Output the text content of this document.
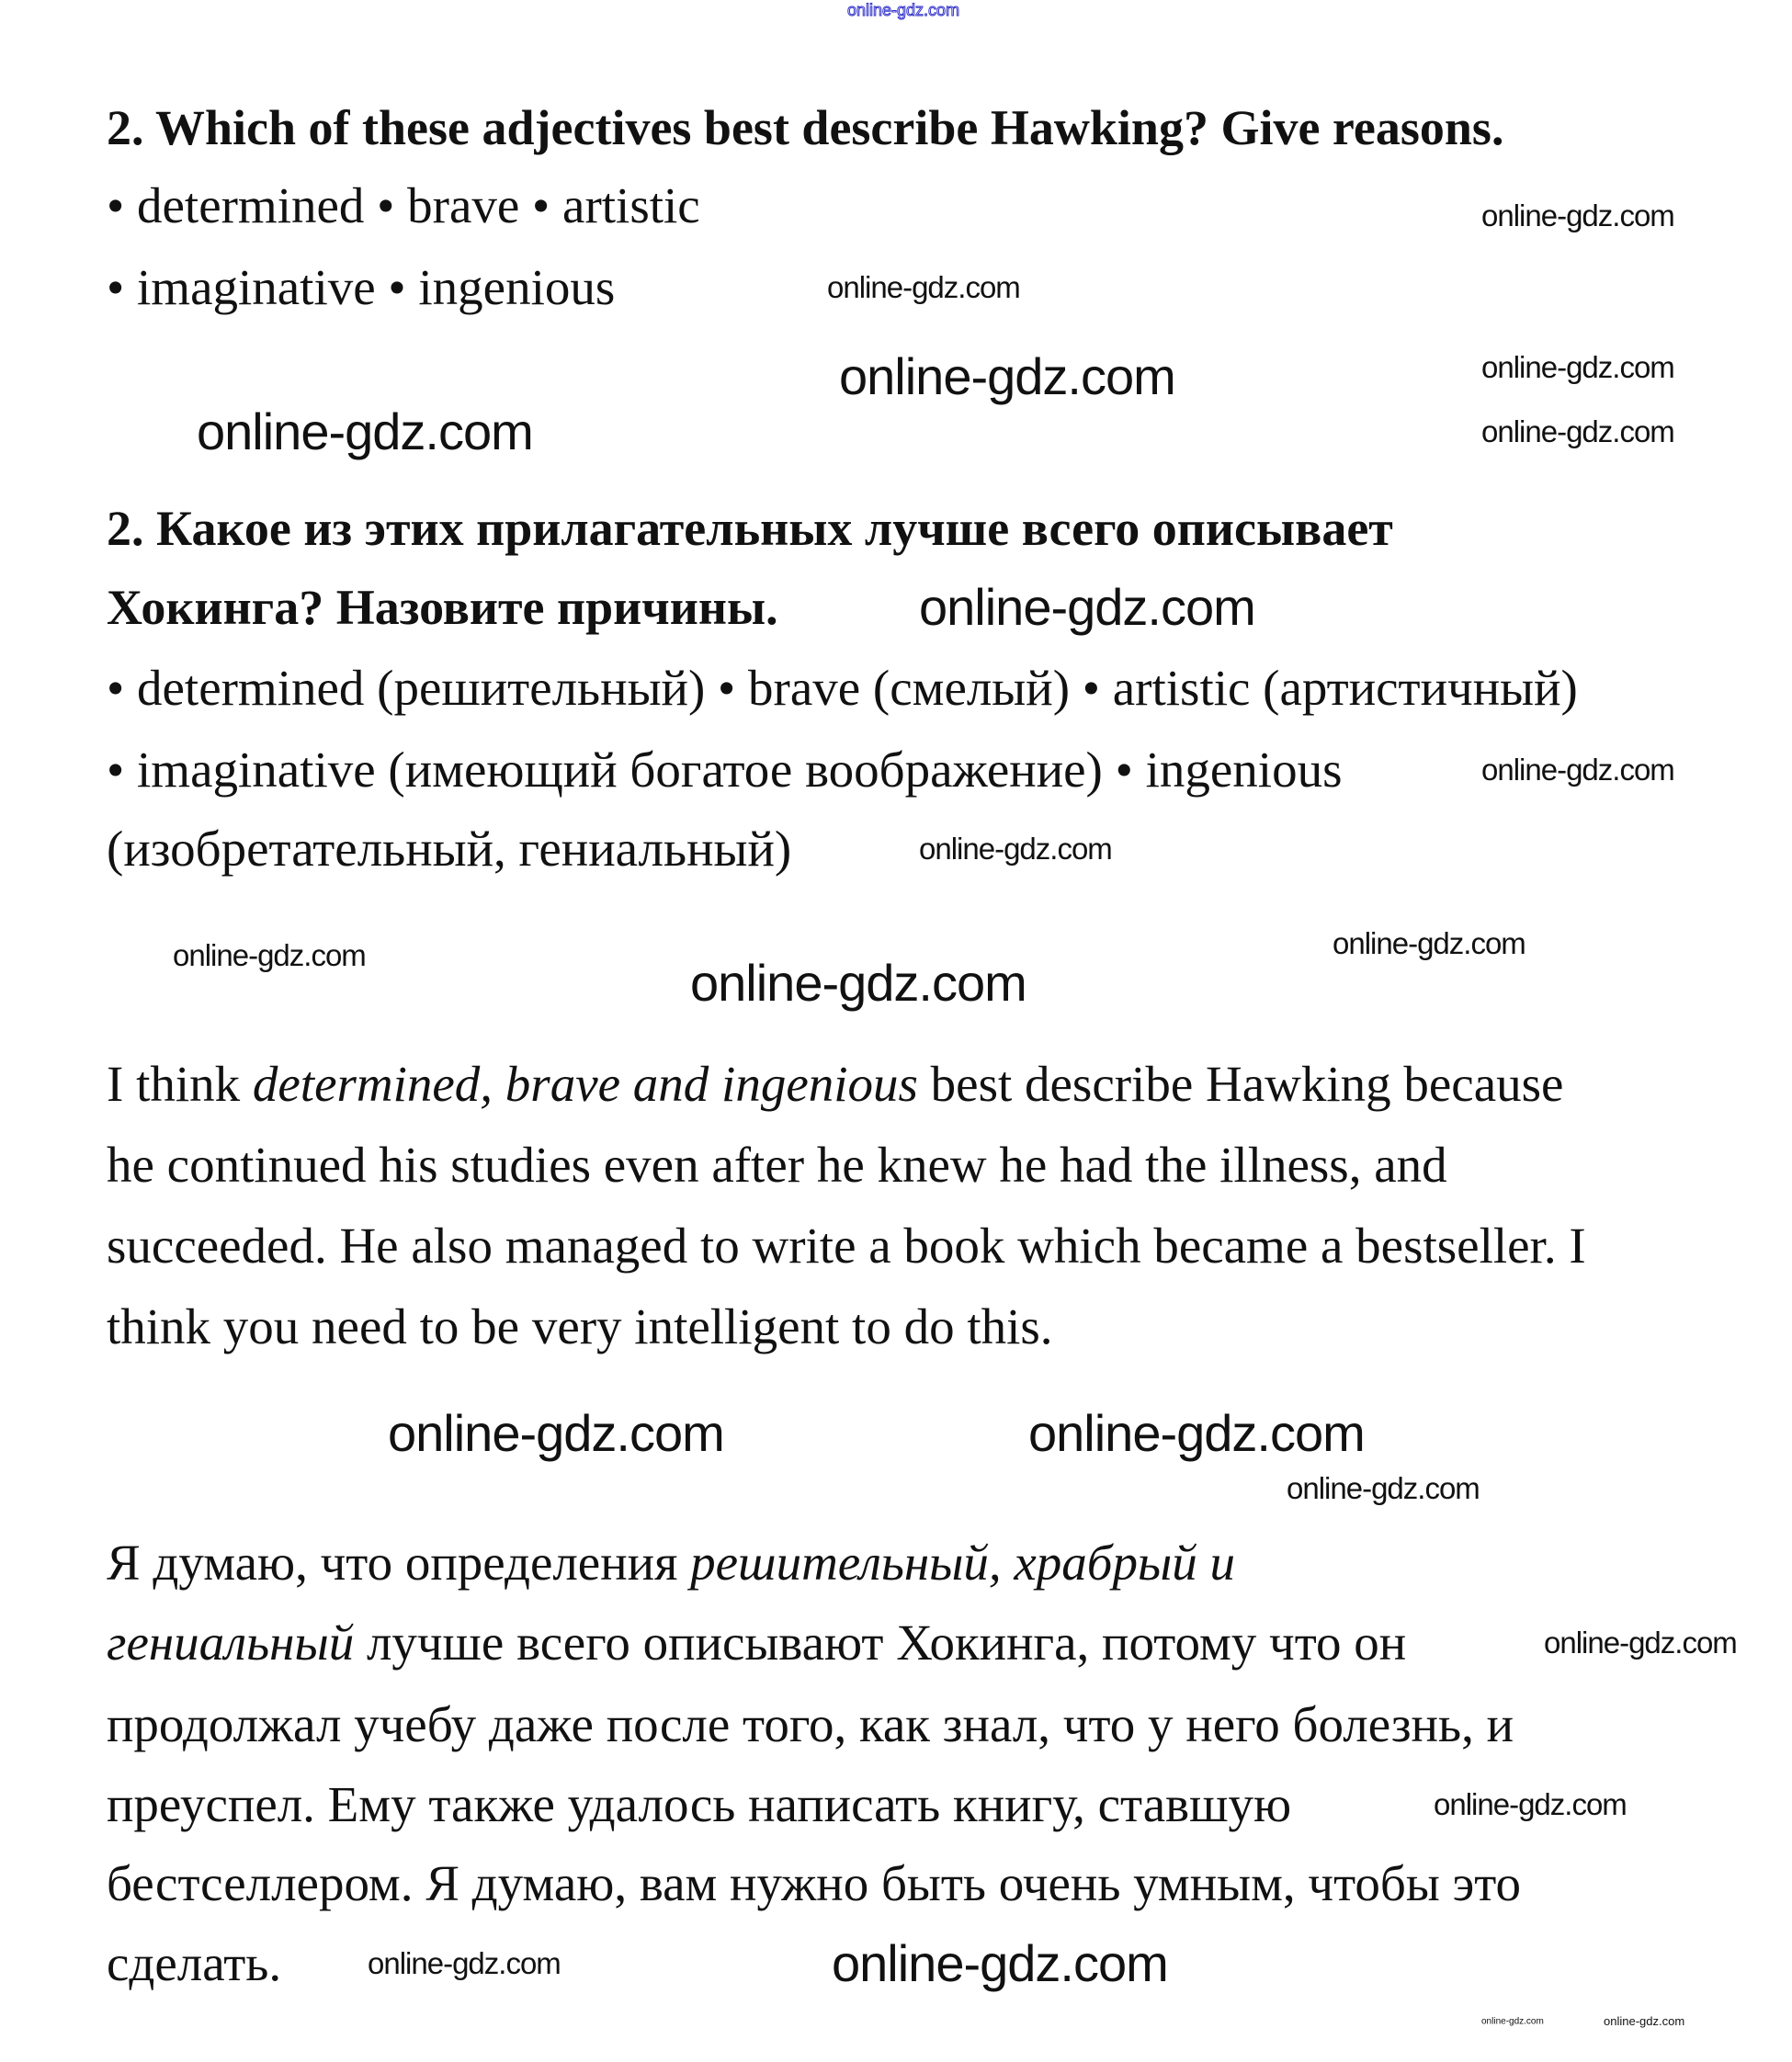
2. Which of these adjectives best describe Hawking? Give reasons.
• determined • brave • artistic
• imaginative • ingenious
2. Какое из этих прилагательных лучше всего описывает
Хокинга? Назовите причины.
• determined (решительный) • brave (смелый) • artistic (артистичный)
• imaginative (имеющий богатое воображение) • ingenious
(изобретательный, гениальный)
I think determined, brave and ingenious best describe Hawking because
he continued his studies even after he knew he had the illness, and
succeeded. He also managed to write a book which became a bestseller. I
think you need to be very intelligent to do this.
Я думаю, что определения решительный, храбрый и
гениальный лучше всего описывают Хокинга, потому что он
продолжал учебу даже после того, как знал, что у него болезнь, и
преуспел. Ему также удалось написать книгу, ставшую
бестселлером. Я думаю, вам нужно быть очень умным, чтобы это
сделать.
online-gdz.com
online-gdz.com
online-gdz.com
online-gdz.com
online-gdz.com
online-gdz.com
online-gdz.com
online-gdz.com
online-gdz.com
online-gdz.com
online-gdz.com
online-gdz.com
online-gdz.com
online-gdz.com
online-gdz.com
online-gdz.com
online-gdz.com
online-gdz.com	online-gdz.com
online-gdz.com
online-gdz.com	online-gdz.com
